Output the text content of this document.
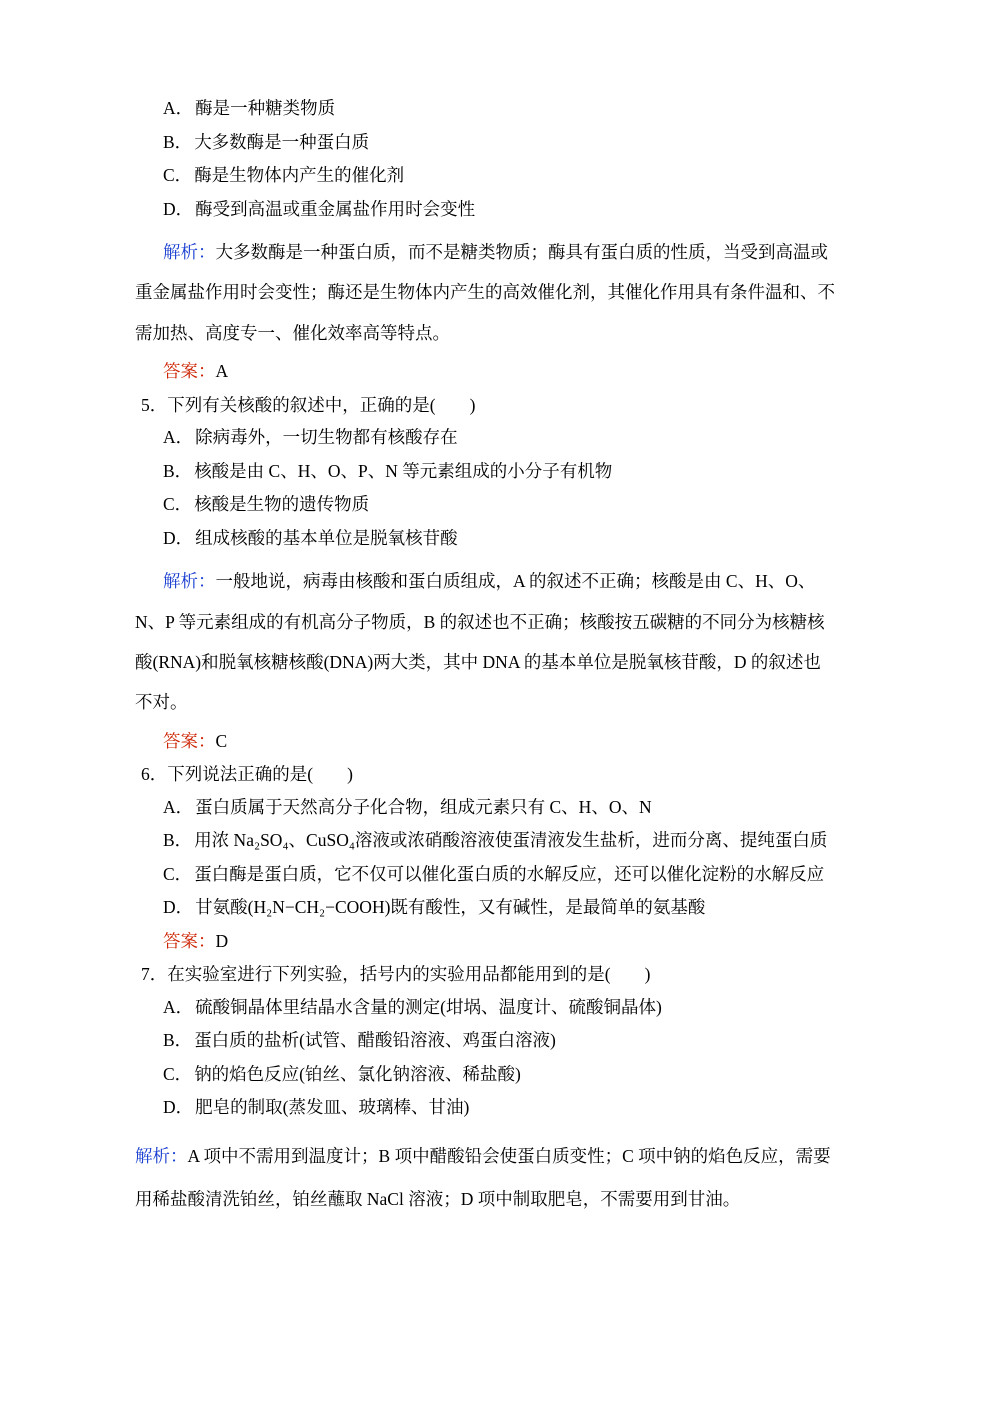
A． 酶是一种糖类物质
B． 大多数酶是一种蛋白质
C． 酶是生物体内产生的催化剂
D． 酶受到高温或重金属盐作用时会变性
解析：大多数酶是一种蛋白质，而不是糖类物质；酶具有蛋白质的性质，当受到高温或
重金属盐作用时会变性；酶还是生物体内产生的高效催化剂，其催化作用具有条件温和、不
需加热、高度专一、催化效率高等特点。
答案：A
5．下列有关核酸的叙述中，正确的是( )
A． 除病毒外，一切生物都有核酸存在
B． 核酸是由 C、H、O、P、N 等元素组成的小分子有机物
C． 核酸是生物的遗传物质
D． 组成核酸的基本单位是脱氧核苷酸
解析：一般地说，病毒由核酸和蛋白质组成，A 的叙述不正确；核酸是由 C、H、O、
N、P 等元素组成的有机高分子物质，B 的叙述也不正确；核酸按五碳糖的不同分为核糖核
酸(RNA)和脱氧核糖核酸(DNA)两大类，其中 DNA 的基本单位是脱氧核苷酸，D 的叙述也
不对。
答案：C
6．下列说法正确的是( )
A． 蛋白质属于天然高分子化合物，组成元素只有 C、H、O、N
B． 用浓 Na₂SO₄、CuSO₄溶液或浓硝酸溶液使蛋清液发生盐析，进而分离、提纯蛋白质
C． 蛋白酶是蛋白质，它不仅可以催化蛋白质的水解反应，还可以催化淀粉的水解反应
D． 甘氨酸(H₂N−CH₂−COOH)既有酸性，又有碱性，是最简单的氨基酸
答案：D
7．在实验室进行下列实验，括号内的实验用品都能用到的是( )
A． 硫酸铜晶体里结晶水含量的测定(坩埚、温度计、硫酸铜晶体)
B． 蛋白质的盐析(试管、醋酸铅溶液、鸡蛋白溶液)
C． 钠的焰色反应(铂丝、氯化钠溶液、稀盐酸)
D． 肥皂的制取(蒸发皿、玻璃棒、甘油)
解析：A 项中不需用到温度计；B 项中醋酸铅会使蛋白质变性；C 项中钠的焰色反应，需要
用稀盐酸清洗铂丝，铂丝蘸取 NaCl 溶液；D 项中制取肥皂，不需要用到甘油。
